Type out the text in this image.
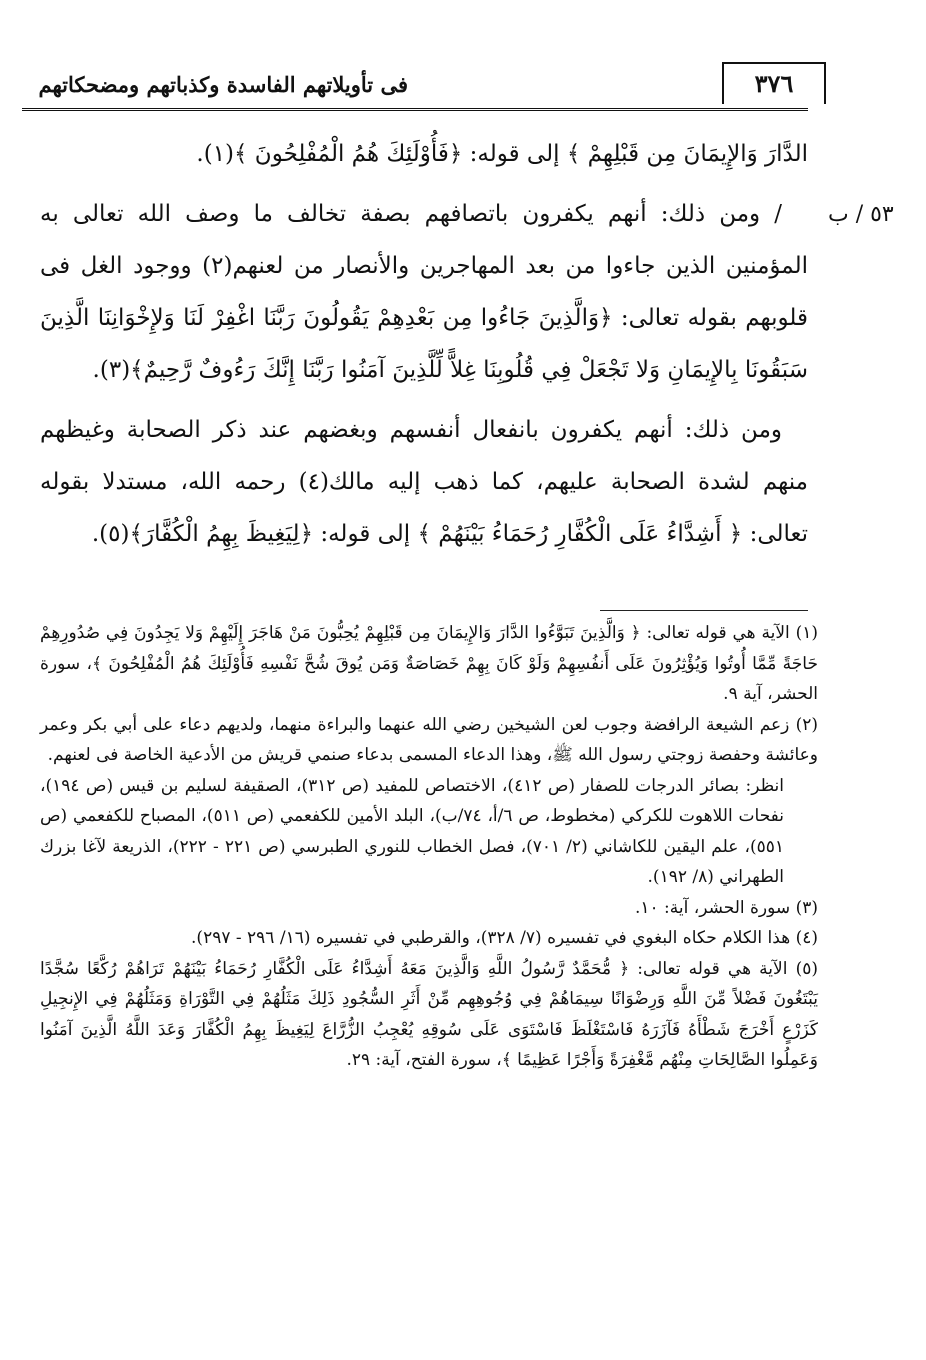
فى تأويلاتهم الفاسدة وكذباتهم ومضحكاتهم	٣٧٦
٥٣ / ب

الدَّارَ وَالإِيمَانَ مِن قَبْلِهِمْ ﴾ إلى قوله: ﴿فَأُوْلَئِكَ هُمُ الْمُفْلِحُونَ ﴾(١).

/ ومن ذلك: أنهم يكفرون باتصافهم بصفة تخالف ما وصف الله تعالى به المؤمنين الذين جاءوا من بعد المهاجرين والأنصار من لعنهم(٢) ووجود الغل فى قلوبهم بقوله تعالى: ﴿وَالَّذِينَ جَاءُوا مِن بَعْدِهِمْ يَقُولُونَ رَبَّنَا اغْفِرْ لَنَا وَلإِخْوَانِنَا الَّذِينَ سَبَقُونَا بِالإِيمَانِ وَلا تَجْعَلْ فِي قُلُوبِنَا غِلاًّ لِّلَّذِينَ آمَنُوا رَبَّنَا إِنَّكَ رَءُوفٌ رَّحِيمٌ﴾(٣).

ومن ذلك: أنهم يكفرون بانفعال أنفسهم وبغضهم عند ذكر الصحابة وغيظهم منهم لشدة الصحابة عليهم، كما ذهب إليه مالك(٤) رحمه الله، مستدلا بقوله تعالى: ﴿ أَشِدَّاءُ عَلَى الْكُفَّارِ رُحَمَاءُ بَيْنَهُمْ ﴾ إلى قوله: ﴿لِيَغِيظَ بِهِمُ الْكُفَّارَ﴾(٥).

(١) الآية هي قوله تعالى: ﴿ وَالَّذِينَ تَبَوَّءُوا الدَّارَ وَالإِيمَانَ مِن قَبْلِهِمْ يُحِبُّونَ مَنْ هَاجَرَ إِلَيْهِمْ وَلا يَجِدُونَ فِي صُدُورِهِمْ حَاجَةً مِّمَّا أُوتُوا وَيُؤْثِرُونَ عَلَى أَنفُسِهِمْ وَلَوْ كَانَ بِهِمْ خَصَاصَةٌ وَمَن يُوقَ شُحَّ نَفْسِهِ فَأُوْلَئِكَ هُمُ الْمُفْلِحُونَ ﴾، سورة الحشر، آية ٩.

(٢) زعم الشيعة الرافضة وجوب لعن الشيخين رضي الله عنهما والبراءة منهما، ولديهم دعاء على أبي بكر وعمر وعائشة وحفصة زوجتي رسول الله ﷺ، وهذا الدعاء المسمى بدعاء صنمي قريش من الأدعية الخاصة فى لعنهم.

انظر: بصائر الدرجات للصفار (ص ٤١٢)، الاختصاص للمفيد (ص ٣١٢)، الصقيفة لسليم بن قيس (ص ١٩٤)، نفحات اللاهوت للكركي (مخطوط، ص ٦/أ، ٧٤/ب)، البلد الأمين للكفعمي (ص ٥١١)، المصباح للكفعمي (ص ٥٥١)، علم اليقين للكاشاني (٢/ ٧٠١)، فصل الخطاب للنوري الطبرسي (ص ٢٢١ - ٢٢٢)، الذريعة لآغا بزرك الطهراني (٨/ ١٩٢).

(٣) سورة الحشر، آية: ١٠.

(٤) هذا الكلام حكاه البغوي في تفسيره (٧/ ٣٢٨)، والقرطبي في تفسيره (١٦/ ٢٩٦ - ٢٩٧).

(٥) الآية هي قوله تعالى: ﴿ مُّحَمَّدٌ رَّسُولُ اللَّهِ وَالَّذِينَ مَعَهُ أَشِدَّاءُ عَلَى الْكُفَّارِ رُحَمَاءُ بَيْنَهُمْ تَرَاهُمْ رُكَّعًا سُجَّدًا يَبْتَغُونَ فَضْلاً مِّنَ اللَّهِ وَرِضْوَانًا سِيمَاهُمْ فِي وُجُوهِهِم مِّنْ أَثَرِ السُّجُودِ ذَلِكَ مَثَلُهُمْ فِي التَّوْرَاةِ وَمَثَلُهُمْ فِي الإِنجِيلِ كَزَرْعٍ أَخْرَجَ شَطْأَهُ فَآزَرَهُ فَاسْتَغْلَظَ فَاسْتَوَى عَلَى سُوقِهِ يُعْجِبُ الزُّرَّاعَ لِيَغِيظَ بِهِمُ الْكُفَّارَ وَعَدَ اللَّهُ الَّذِينَ آمَنُوا وَعَمِلُوا الصَّالِحَاتِ مِنْهُم مَّغْفِرَةً وَأَجْرًا عَظِيمًا ﴾، سورة الفتح، آية: ٢٩.
